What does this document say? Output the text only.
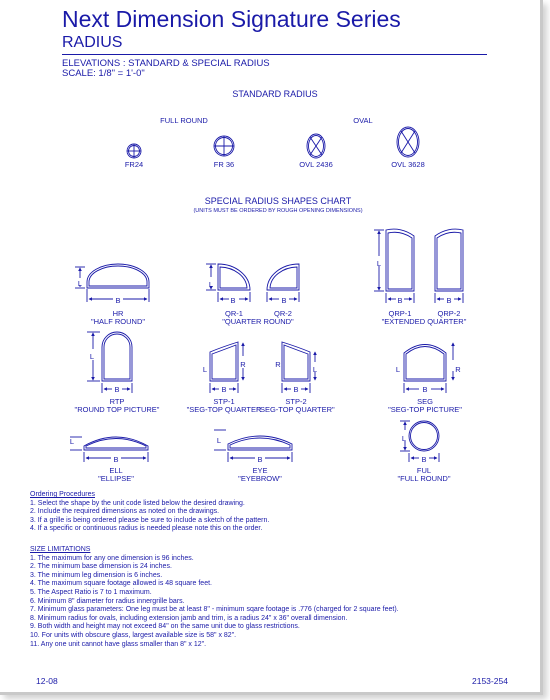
Next Dimension Signature Series
RADIUS
ELEVATIONS : STANDARD & SPECIAL RADIUS
SCALE: 1/8" = 1'-0"
STANDARD RADIUS
FULL ROUND	OVAL
FR24	FR 36	OVL 2436	OVL 3628
SPECIAL RADIUS SHAPES CHART
(UNITS MUST BE ORDERED BY ROUGH OPENING DIMENSIONS)
HR
"HALF ROUND"
QR-1	QR-2
"QUARTER ROUND"
QRP-1	QRP-2
"EXTENDED QUARTER"
RTP
"ROUND TOP PICTURE"
STP-1
"SEG-TOP QUARTER
STP-2
"SEG-TOP QUARTER"
SEG
"SEG-TOP PICTURE"
ELL
"ELLIPSE"
EYE
"EYEBROW"
FUL
"FULL ROUND"
L
B
L
B	B
L
B	B
L
B
L
R
B
L
R
B
L	R
B
L
B
L
B
L
B
Ordering Procedures
1. Select the shape by the unit code listed below the desired drawing.
2. Include the required dimensions as noted on the drawings.
3. If a grille is being ordered please be sure to include a sketch of the pattern.
4. If a specific or continuous radius is needed please note this on the order.
SIZE LIMITATIONS
1. The maximum for any one dimension is 96 inches.
2. The minimum base dimension is 24 inches.
3. The minimum leg dimension is 6 inches.
4. The maximum square footage allowed is 48 square feet.
5. The Aspect Ratio is 7 to 1 maximum.
6. Minimum 8" diameter for radius innergrille bars.
7. Minimum glass parameters: One leg must be at least 8" - minimum sqare footage is .776 (charged for 2 square feet).
8. Minimum radius for ovals, including extension jamb and trim, is a radius 24" x 36" overall dimension.
9. Both width and height may not exceed 84" on the same unit due to glass restrictions.
10. For units with obscure glass, largest available size is 58" x 82".
11. Any one unit cannot have glass smaller than 8" x 12".
12-08	2153-254
